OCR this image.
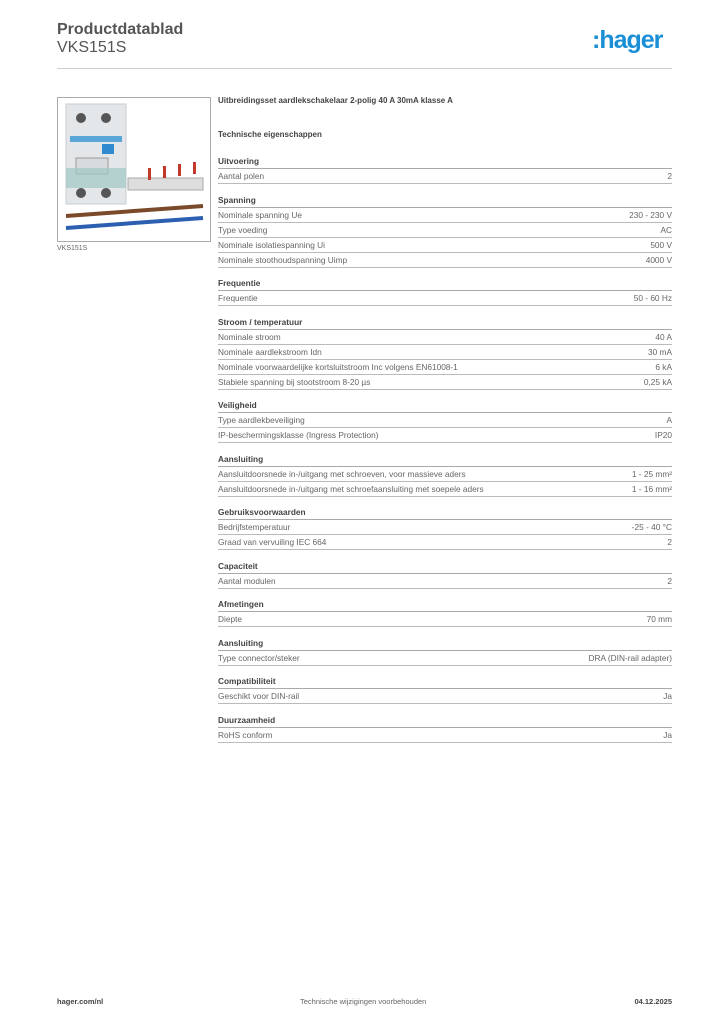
Productdatablad
VKS151S	:hager
VKS151S
Uitbreidingsset aardlekschakelaar 2-polig 40 A 30mA klasse A
Technische eigenschappen
Uitvoering
Aantal polen	2
Spanning
Nominale spanning Ue	230 - 230 V
Type voeding	AC
Nominale isolatiespanning Ui	500 V
Nominale stoothoudspanning Uimp	4000 V
Frequentie
Frequentie	50 - 60 Hz
Stroom / temperatuur
Nominale stroom	40 A
Nominale aardlekstroom Idn	30 mA
Nominale voorwaardelijke kortsluitstroom Inc volgens EN61008-1	6 kA
Stabiele spanning bij stootstroom 8-20 µs	0,25 kA
Veiligheid
Type aardlekbeveiliging	A
IP-beschermingsklasse (Ingress Protection)	IP20
Aansluiting
Aansluitdoorsnede in-/uitgang met schroeven, voor massieve aders	1 - 25 mm²
Aansluitdoorsnede in-/uitgang met schroefaansluiting met soepele aders	1 - 16 mm²
Gebruiksvoorwaarden
Bedrijfstemperatuur	-25 - 40 °C
Graad van vervuiling IEC 664	2
Capaciteit
Aantal modulen	2
Afmetingen
Diepte	70 mm
Aansluiting
Type connector/steker	DRA (DIN-rail adapter)
Compatibiliteit
Geschikt voor DIN-rail	Ja
Duurzaamheid
RoHS conform	Ja
hager.com/nl	Technische wijzigingen voorbehouden	04.12.2025
